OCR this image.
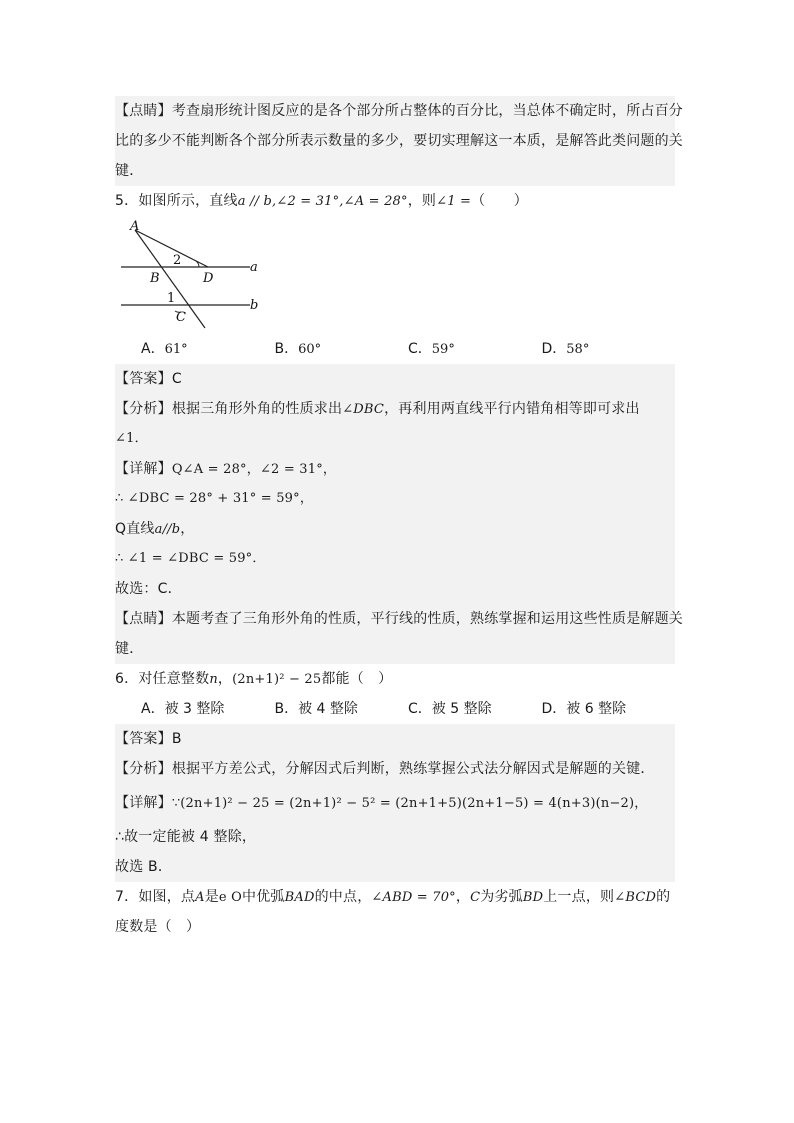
【点睛】考查扇形统计图反应的是各个部分所占整体的百分比，当总体不确定时，所占百分
比的多少不能判断各个部分所表示数量的多少，要切实理解这一本质，是解答此类问题的关
键．
5．如图所示，直线a // b,∠2 = 31°,∠A = 28°，则∠1 =（　　）
A
B	D
C
a
b
2
1
A．61°	B．60°	C．59°	D．58°
【答案】C
【分析】根据三角形外角的性质求出∠DBC，再利用两直线平行内错角相等即可求出
∠1．
【详解】Q∠A = 28°，∠2 = 31°，
∴ ∠DBC = 28° + 31° = 59°，
Q直线a//b，
∴ ∠1 = ∠DBC = 59°．
故选：C．
【点睛】本题考查了三角形外角的性质，平行线的性质，熟练掌握和运用这些性质是解题关
键．
6．对任意整数n，(2n+1)² − 25都能（　）
A．被 3 整除	B．被 4 整除	C．被 5 整除	D．被 6 整除
【答案】B
【分析】根据平方差公式，分解因式后判断，熟练掌握公式法分解因式是解题的关键．
【详解】∵(2n+1)² − 25 = (2n+1)² − 5² = (2n+1+5)(2n+1−5) = 4(n+3)(n−2)，
∴故一定能被 4 整除，
故选 B．
7．如图，点A是e O中优弧BAD的中点，∠ABD = 70°，C为劣弧BD上一点，则∠BCD的
度数是（　）
